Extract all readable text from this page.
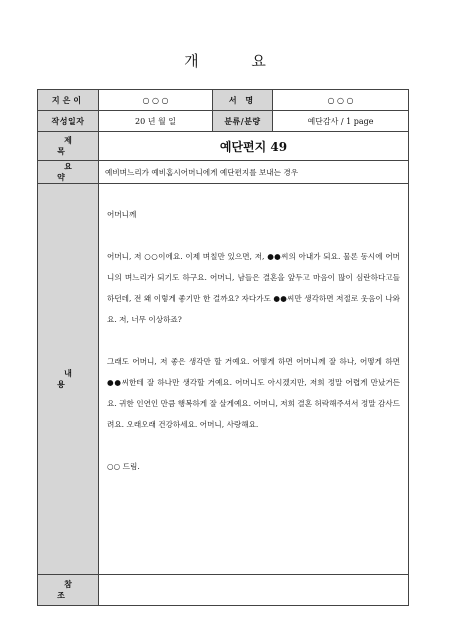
개 요
지은이	○ ○ ○	서 명	○ ○ ○
작성일자	20 년 월 일	분류/분량	예단감사 / 1 page
제 목	예단편지 49		
요 약	예비며느리가 예비홈시어머니에게 예단편지를 보내는 경우		
내 용	어머니께

어머니, 저 ○○이에요. 이제 며칠만 있으면, 저, ●●씨의 아내가 되요. 물론 동시에 어머니의 며느리가 되기도 하구요. 어머니, 남들은 결혼을 앞두고 마음이 많이 심란하다고들 하던데, 전 왜 이렇게 좋기만 한 걸까요? 자다가도 ●●씨만 생각하면 저절로 웃음이 나와요. 저, 너무 이상하죠?

그래도 어머니, 저 좋은 생각만 할 거예요. 어떻게 하면 어머니께 잘 하나, 어떻게 하면 ●●씨한테 잘 하나만 생각할 거예요. 어머니도 아시겠지만, 저희 정말 어렵게 만났거든요. 귀한 인연인 만큼 행복하게 잘 살게예요. 어머니, 저희 결혼 허락해주셔서 정말 감사드려요. 오래오래 건강하세요. 어머니, 사랑해요.

○○ 드림.		

참 조			
